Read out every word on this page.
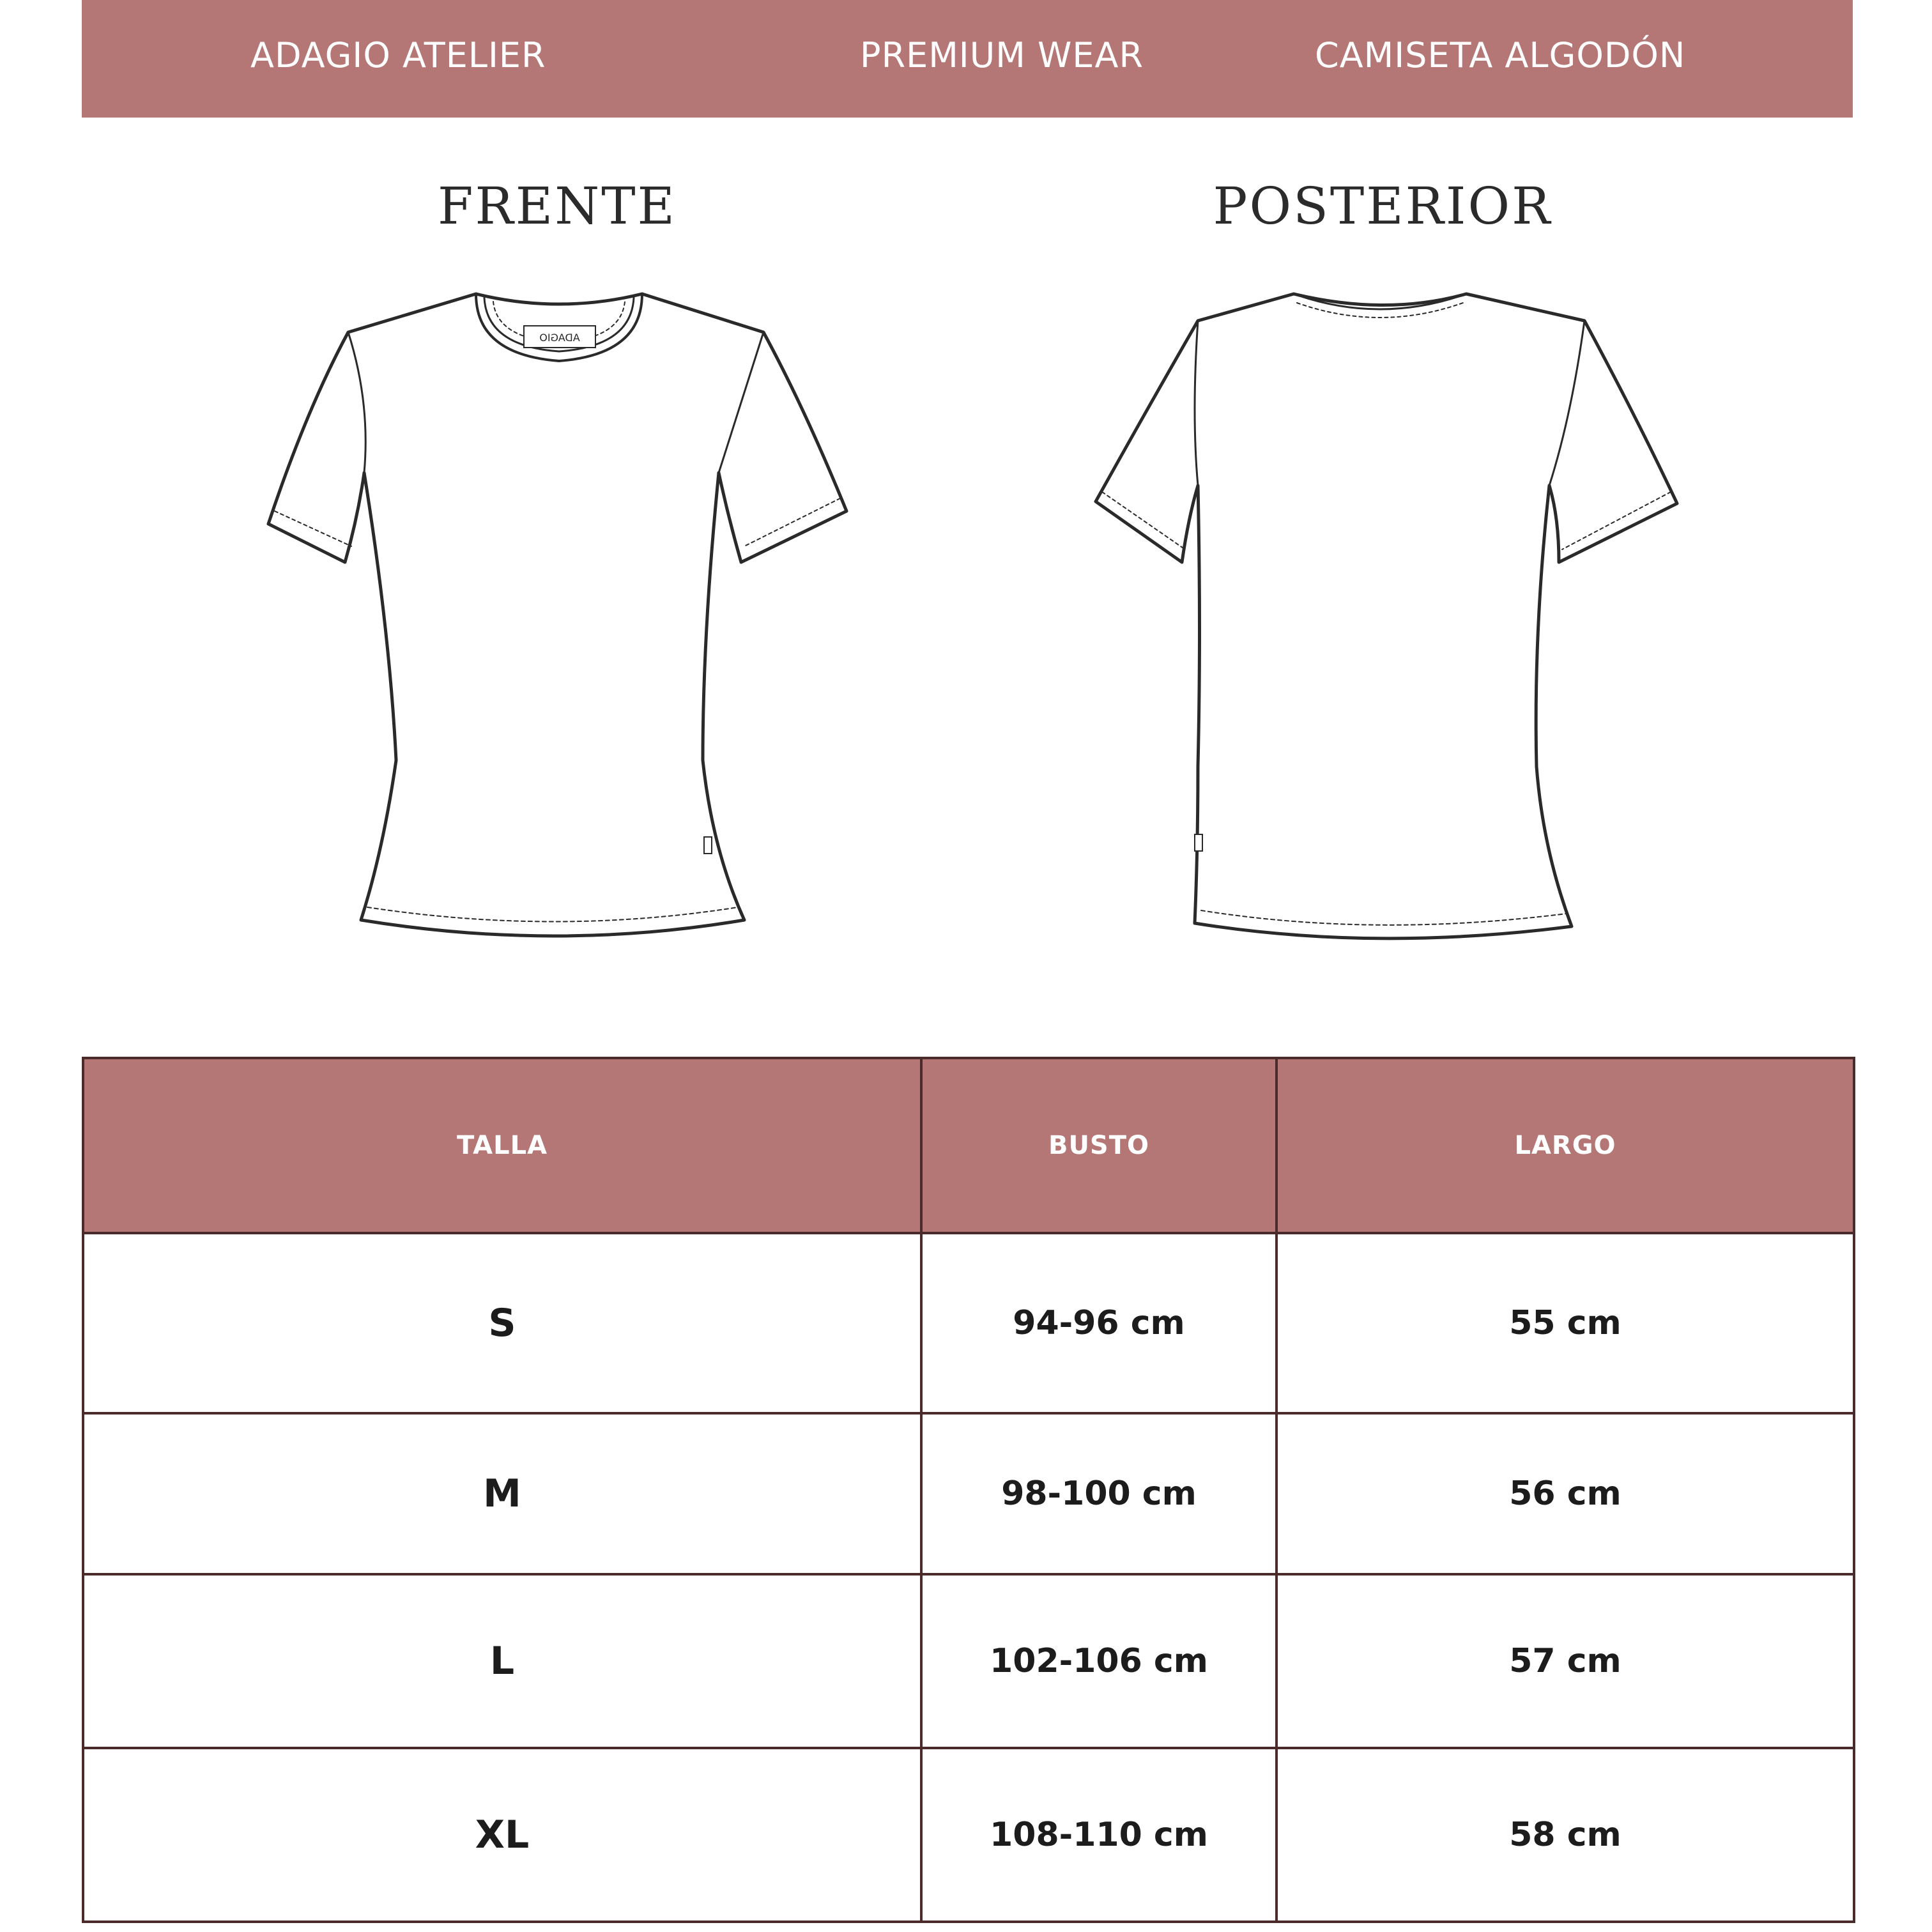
ADAGIO ATELIER	PREMIUM WEAR	CAMISETA ALGODÓN
FRENTE	POSTERIOR
ADAGIO
TALLA	BUSTO	LARGO
S	94-96 cm	55 cm
M	98-100 cm	56 cm
L	102-106 cm	57 cm
XL	108-110 cm	58 cm
